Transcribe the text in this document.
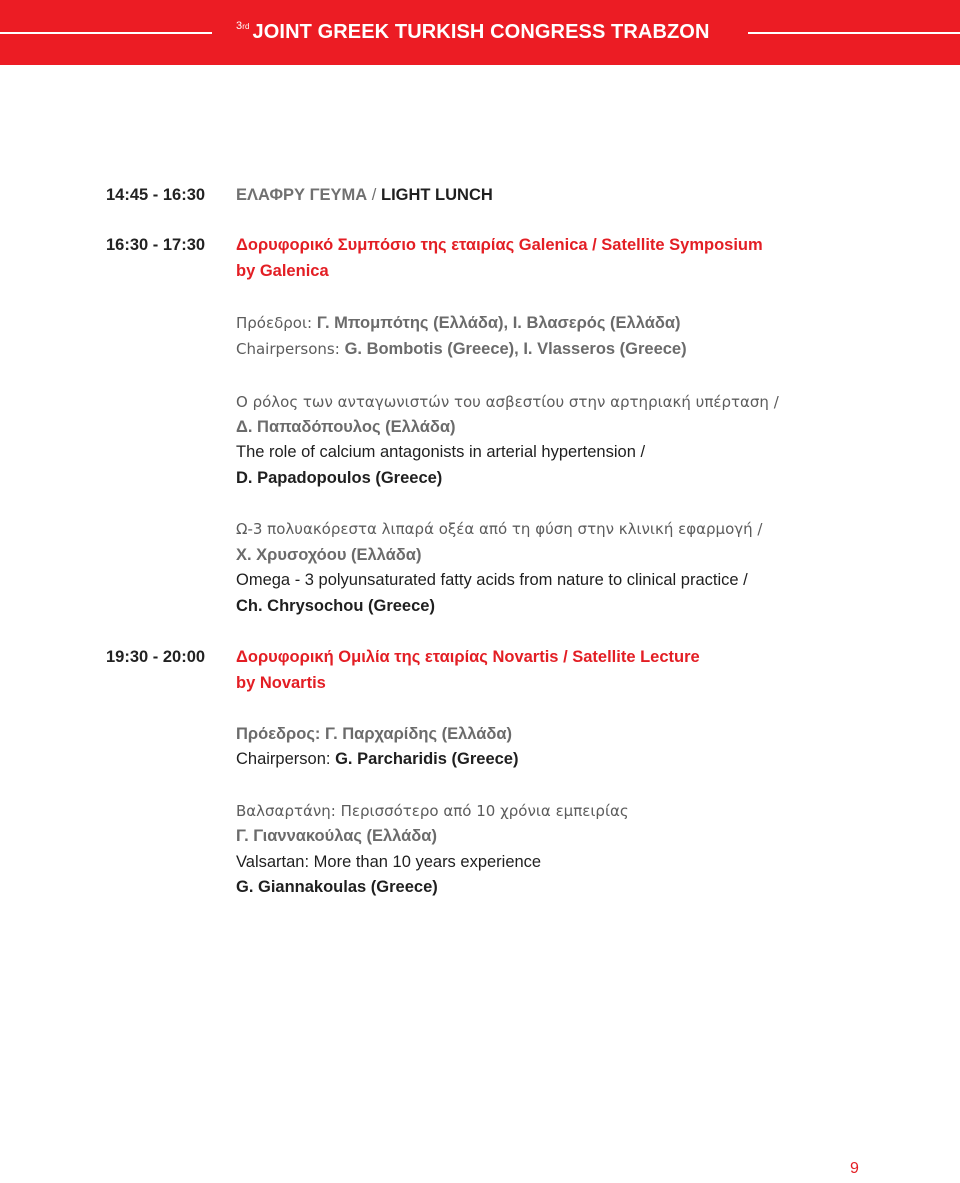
$^{3rd}$ JOINT GREEK TURKISH CONGRESS TRABZON
14:45 - 16:30 ΕΛΑΦΡΥ ΓΕΥΜΑ / LIGHT LUNCH
16:30 - 17:30 Δορυφορικό Συμπόσιο της εταιρίας Galenica / Satellite Symposium
by Galenica
Πρόεδροι: Γ. Μπομπότης (Ελλάδα), Ι. Βλασερός (Ελλάδα)
Chairpersons: G. Bombotis (Greece), I. Vlasseros (Greece)
Ο ρόλος των ανταγωνιστών του ασβεστίου στην αρτηριακή υπέρταση /
Δ. Παπαδόπουλος (Ελλάδα)
The role of calcium antagonists in arterial hypertension /
D. Papadopoulos (Greece)
Ω-3 πολυακόρεστα λιπαρά οξέα από τη φύση στην κλινική εφαρμογή /
Χ. Χρυσοχόου (Ελλάδα)
Omega - 3 polyunsaturated fatty acids from nature to clinical practice /
Ch. Chrysochou (Greece)
19:30 - 20:00 Δορυφορική Ομιλία της εταιρίας Novartis / Satellite Lecture
by Novartis
Πρόεδρος: Γ. Παρχαρίδης (Ελλάδα)
Chairperson: G. Parcharidis (Greece)
Βαλσαρτάνη: Περισσότερο από 10 χρόνια εμπειρίας
Γ. Γιαννακούλας (Ελλάδα)
Valsartan: More than 10 years experience
G. Giannakoulas (Greece)
9
